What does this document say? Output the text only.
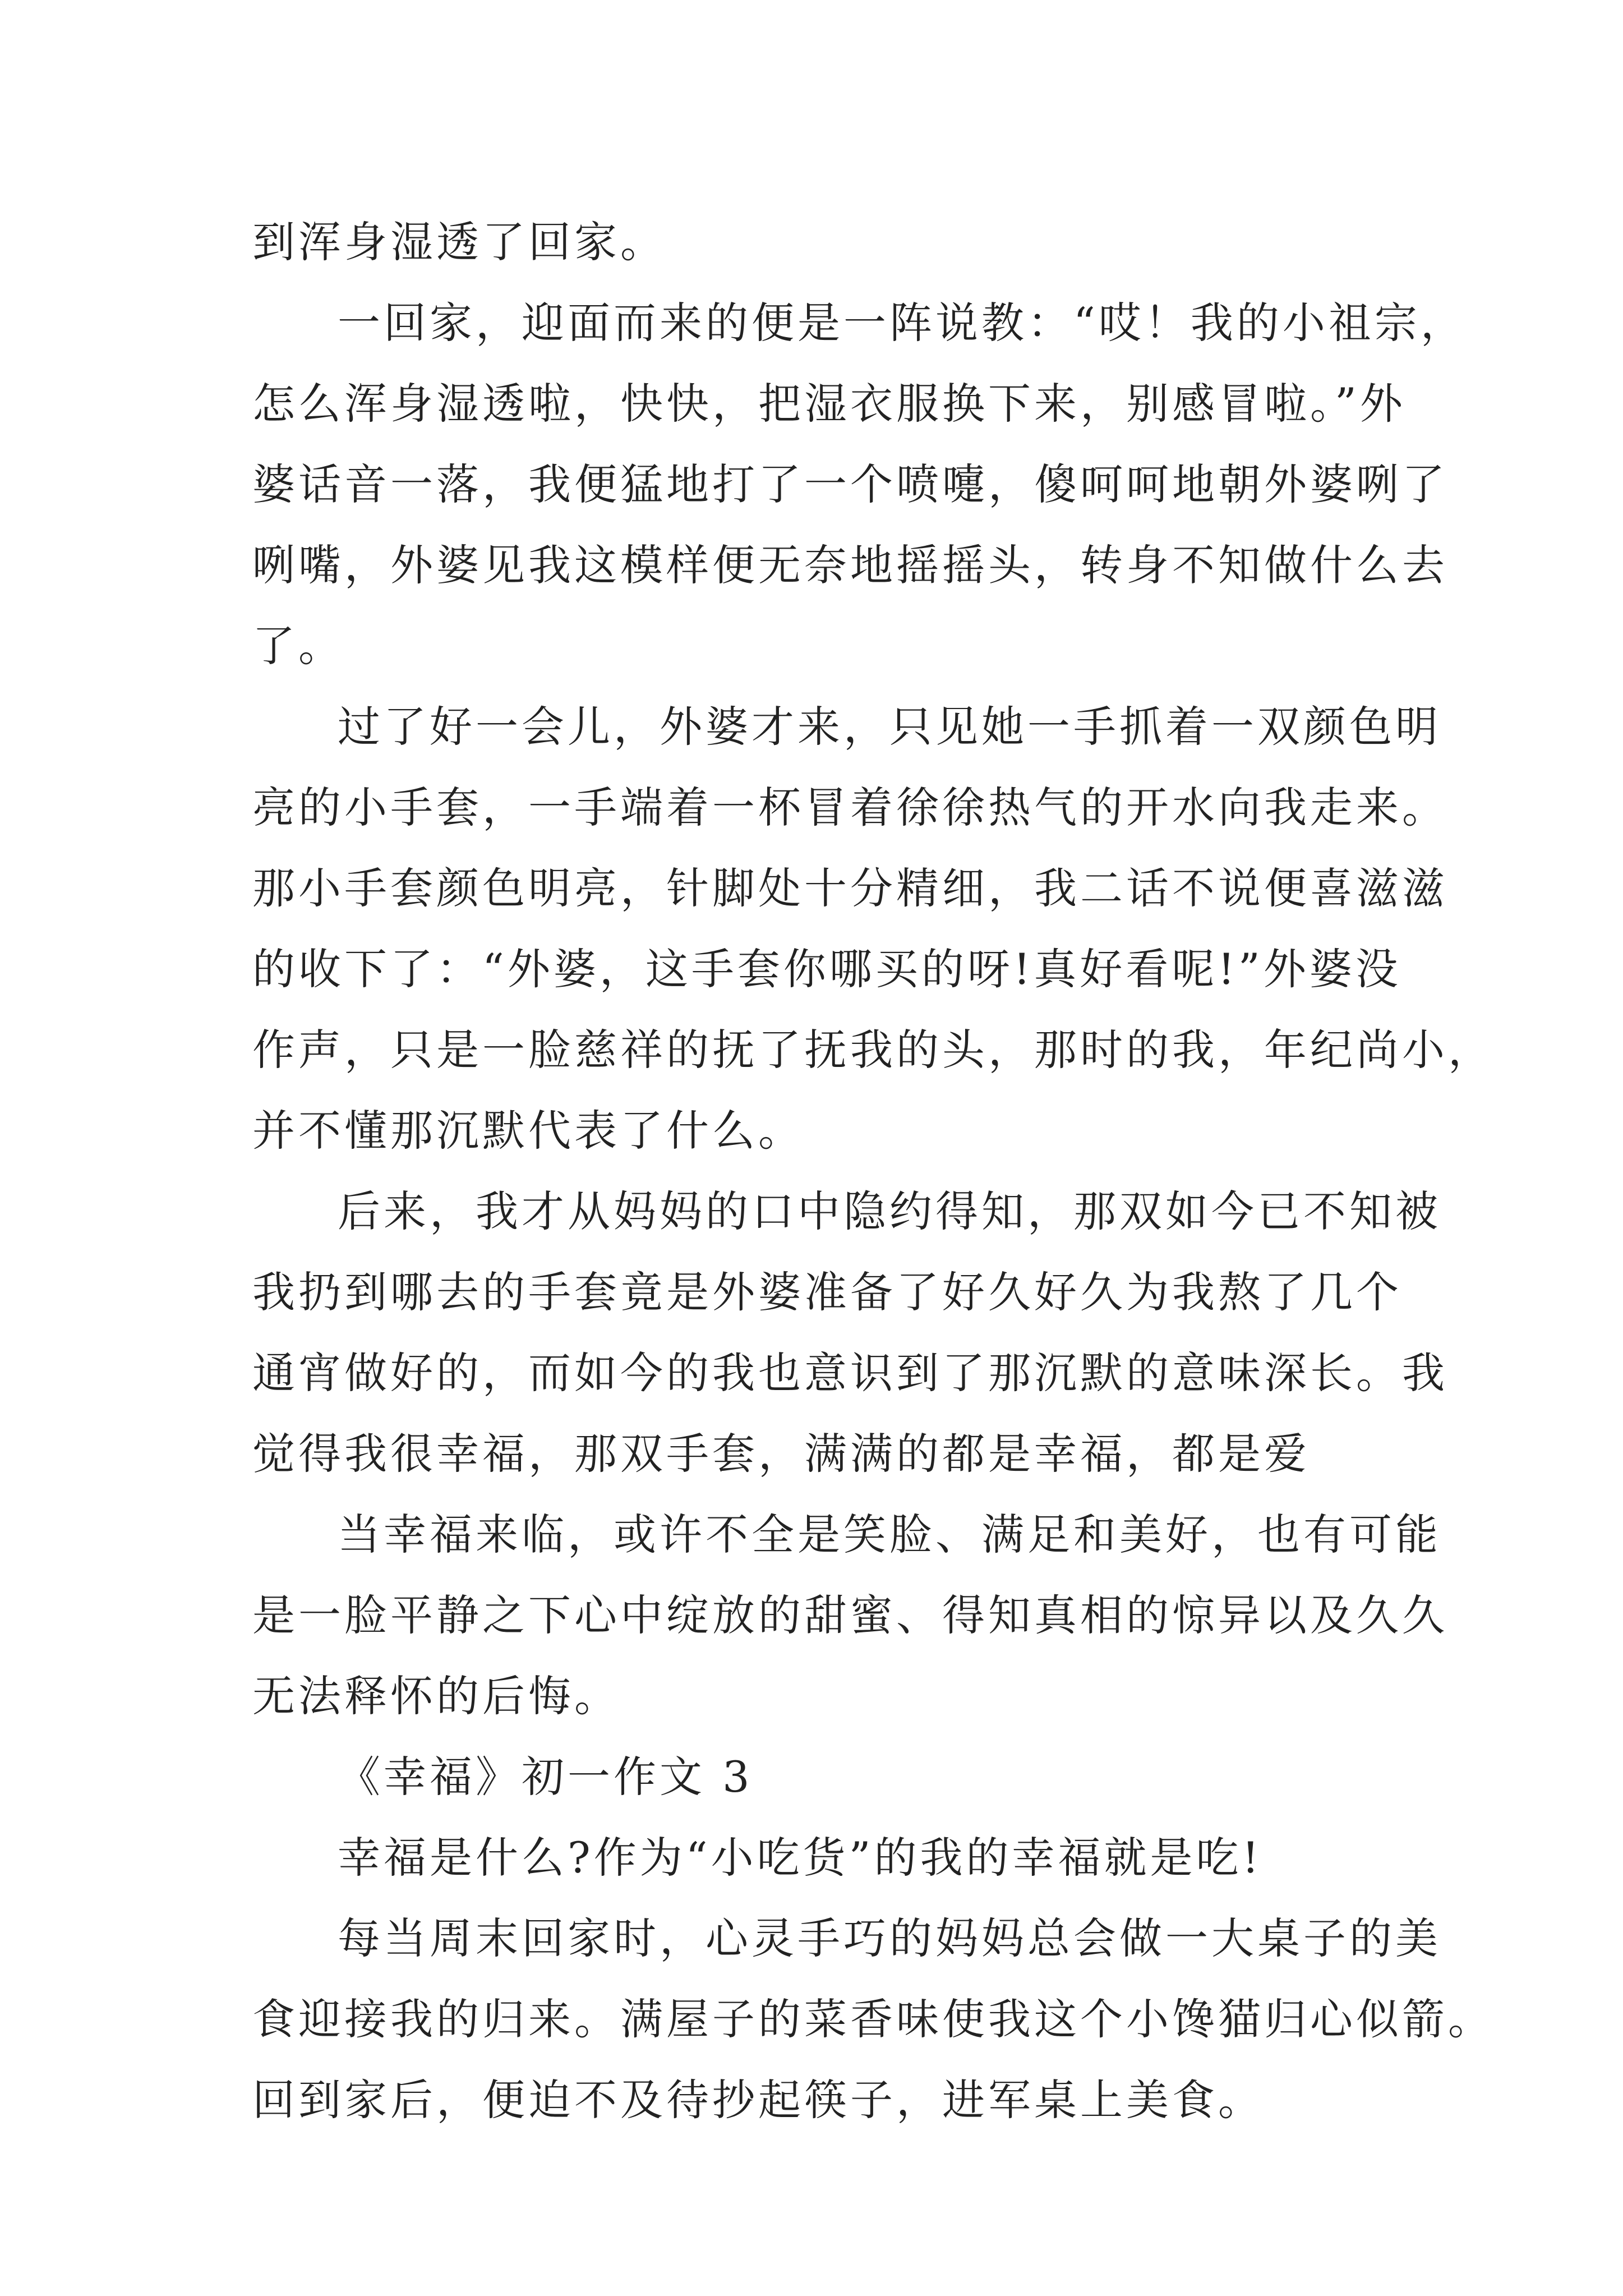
到浑身湿透了回家。
一回家，迎面而来的便是一阵说教：“哎！我的小祖宗，
怎么浑身湿透啦，快快，把湿衣服换下来，别感冒啦。”外
婆话音一落，我便猛地打了一个喷嚏，傻呵呵地朝外婆咧了
咧嘴，外婆见我这模样便无奈地摇摇头，转身不知做什么去
了。
过了好一会儿，外婆才来，只见她一手抓着一双颜色明
亮的小手套，一手端着一杯冒着徐徐热气的开水向我走来。
那小手套颜色明亮，针脚处十分精细，我二话不说便喜滋滋
的收下了：“外婆，这手套你哪买的呀!真好看呢!”外婆没
作声，只是一脸慈祥的抚了抚我的头，那时的我，年纪尚小，
并不懂那沉默代表了什么。
后来，我才从妈妈的口中隐约得知，那双如今已不知被
我扔到哪去的手套竟是外婆准备了好久好久为我熬了几个
通宵做好的，而如今的我也意识到了那沉默的意味深长。我
觉得我很幸福，那双手套，满满的都是幸福，都是爱
当幸福来临，或许不全是笑脸、满足和美好，也有可能
是一脸平静之下心中绽放的甜蜜、得知真相的惊异以及久久
无法释怀的后悔。
《幸福》初一作文 3
幸福是什么?作为“小吃货”的我的幸福就是吃!
每当周末回家时，心灵手巧的妈妈总会做一大桌子的美
食迎接我的归来。满屋子的菜香味使我这个小馋猫归心似箭。
回到家后，便迫不及待抄起筷子，进军桌上美食。
